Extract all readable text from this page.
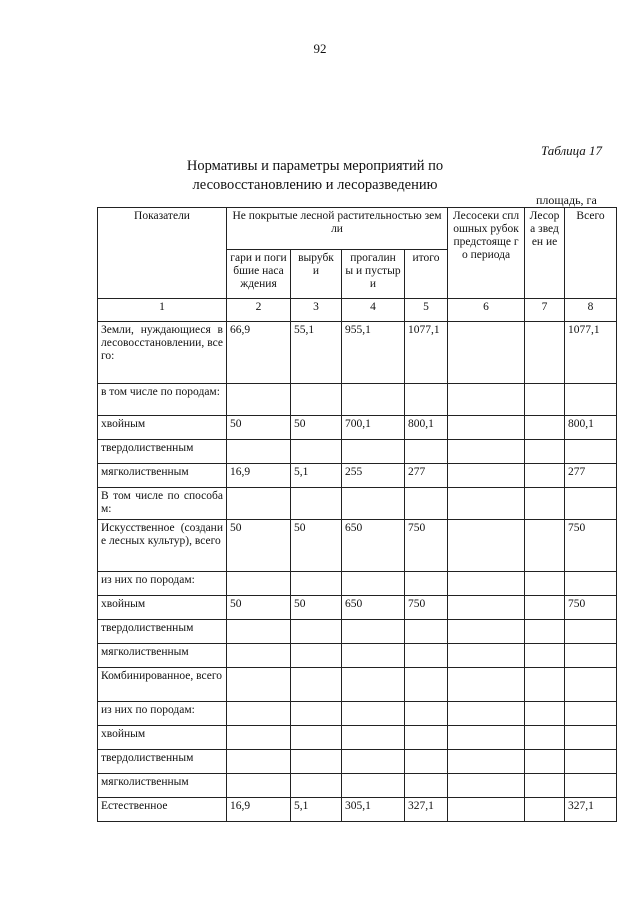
92
Таблица 17
Нормативы и параметры мероприятий по лесовосстановлению и лесоразведению
площадь, га
Показатели	Не покрытые леcной растительностью земли				Лесосеки сплошных рубок предстояще го периода	Лесора зведен ие	Всего
	гари и погибшие насаждения	вырубк и	прогалин ы и пустыри	итого			
1	2	3	4	5	6	7	8
Земли, нуждающиеся в лесовосстановлении, всего:	66,9	55,1	955,1	1077,1			1077,1
в том числе по породам:							
хвойным	50	50	700,1	800,1			800,1
твердолиственным							
мягколиственным	16,9	5,1	255	277			277
В том числе по способам:							
Искусственное (создание лесных культур), всего	50	50	650	750			750
из них по породам:							
хвойным	50	50	650	750			750
твердолиственным							
мягколиственным							
Комбинированное, всего							
из них по породам:							
хвойным							
твердолиственным							
мягколиственным							
Естественное	16,9	5,1	305,1	327,1			327,1
